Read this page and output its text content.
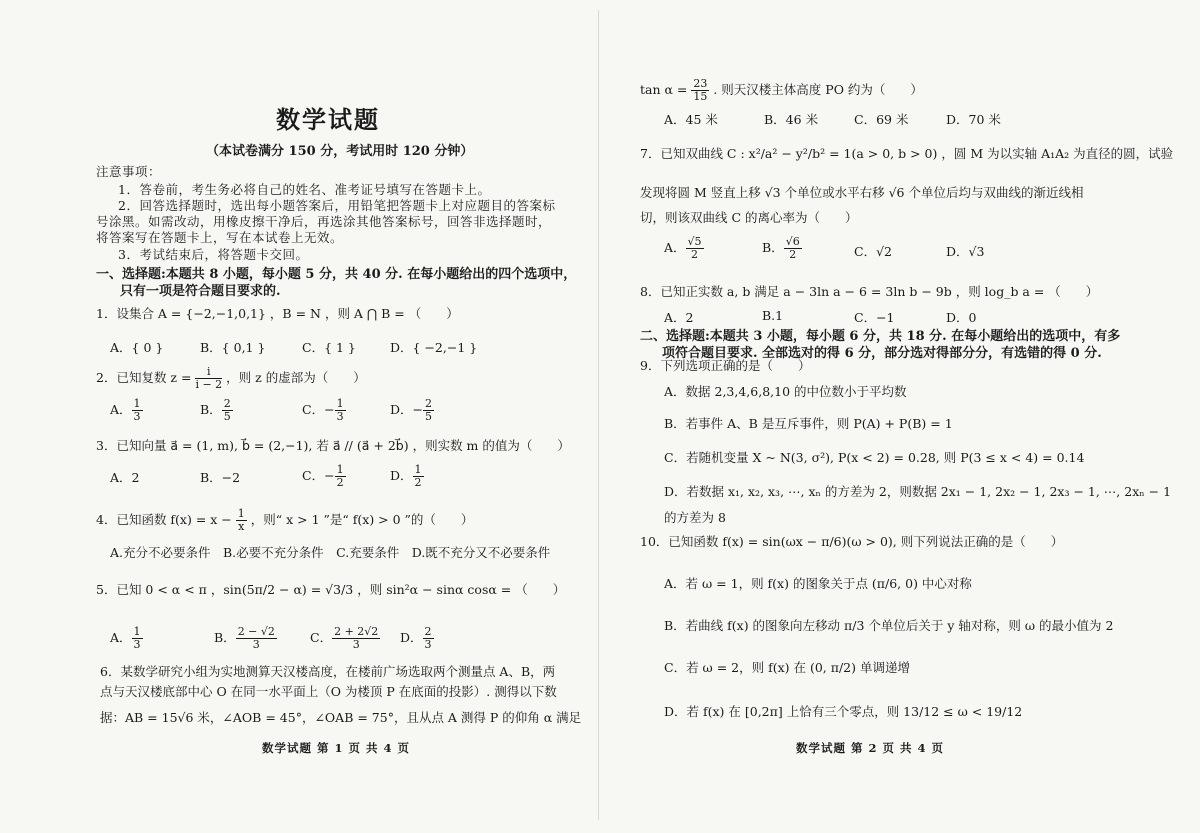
数学试题
（本试卷满分 150 分，考试用时 120 分钟）
注意事项：
1．答卷前，考生务必将自己的姓名、准考证号填写在答题卡上。
2．回答选择题时，选出每小题答案后，用铅笔把答题卡上对应题目的答案标
号涂黑。如需改动，用橡皮擦干净后，再选涂其他答案标号，回答非选择题时，
将答案写在答题卡上，写在本试卷上无效。
3．考试结束后，将答题卡交回。
一、选择题:本题共 8 小题，每小题 5 分，共 40 分. 在每小题给出的四个选项中，
只有一项是符合题目要求的.
1．设集合 A = {−2,−1,0,1} ，B = N ，则 A ⋂ B = （　　）
A．{ 0 }	B．{ 0,1 }	C．{ 1 }	D．{ −2,−1 }
2．已知复数 $z = \frac{i}{i - 2}$ ，则 z 的虚部为（　　）
A． $\frac{1}{3}$	B． $\frac{2}{5}$	C．− $\frac{1}{3}$	D．− $\frac{2}{5}$
3．已知向量 a⃗ = (1, m), b⃗ = (2,−1), 若 a⃗ // (a⃗ + 2b⃗) ，则实数 m 的值为（　　）
A．2	B．−2	C．− $\frac{1}{2}$	D． $\frac{1}{2}$
4．已知函数 $f(x) = x - \frac{1}{x}$ ，则“ x > 1 ”是“ f(x) > 0 ”的（　　）
A.充分不必要条件　B.必要不充分条件　C.充要条件　D.既不充分又不必要条件
5．已知 0 < α < π ，sin(5π/2 − α) = √3/3 ，则 sin²α − sinα cosα = （　　）
A． $\frac{1}{3}$	B． $\frac{2 - √2}{3}$	C． $\frac{2 + 2√2}{3}$ D． $\frac{2}{3}$
6．某数学研究小组为实地测算天汉楼高度，在楼前广场选取两个测量点 A、B，两
点与天汉楼底部中心 O 在同一水平面上（O 为楼顶 P 在底面的投影）. 测得以下数
据：AB = 15√6 米，∠AOB = 45°，∠OAB = 75°，且从点 A 测得 P 的仰角 α 满足
数学试题 第 1 页 共 4 页
$\tan \alpha = \frac{23}{15}$ . 则天汉楼主体高度 PO 约为（　　）
A．45 米	B．46 米	C．69 米	D．70 米
7．已知双曲线 C : x²/a² − y²/b² = 1(a > 0, b > 0) ，圆 M 为以实轴 A₁A₂ 为直径的圆，试验
发现将圆 M 竖直上移 √3 个单位或水平右移 √6 个单位后均与双曲线的渐近线相
切，则该双曲线 C 的离心率为（　　）
A． $\frac{√5}{2}$	B． $\frac{√6}{2}$	C．√2	D．√3
8．已知正实数 a, b 满足 a − 3ln a − 6 = 3ln b − 9b ，则 log_b a = （　　）
A．2	B.1	C．−1	D．0
二、选择题:本题共 3 小题，每小题 6 分，共 18 分. 在每小题给出的选项中，有多
项符合题目要求. 全部选对的得 6 分，部分选对得部分分，有选错的得 0 分.
9．下列选项正确的是（　　）
A．数据 2,3,4,6,8,10 的中位数小于平均数
B．若事件 A、B 是互斥事件，则 P(A) + P(B) = 1
C．若随机变量 X ~ N(3, σ²), P(x < 2) = 0.28, 则 P(3 ≤ x < 4) = 0.14
D．若数据 x₁, x₂, x₃, ⋯, xₙ 的方差为 2，则数据 2x₁ − 1, 2x₂ − 1, 2x₃ − 1, ⋯, 2xₙ − 1
的方差为 8
10．已知函数 f(x) = sin(ωx − π/6)(ω > 0), 则下列说法正确的是（　　）
A．若 ω = 1，则 f(x) 的图象关于点 (π/6, 0) 中心对称
B．若曲线 f(x) 的图象向左移动 π/3 个单位后关于 y 轴对称，则 ω 的最小值为 2
C．若 ω = 2，则 f(x) 在 (0, π/2) 单调递增
D．若 f(x) 在 [0,2π] 上恰有三个零点，则 13/12 ≤ ω < 19/12
数学试题 第 2 页 共 4 页
